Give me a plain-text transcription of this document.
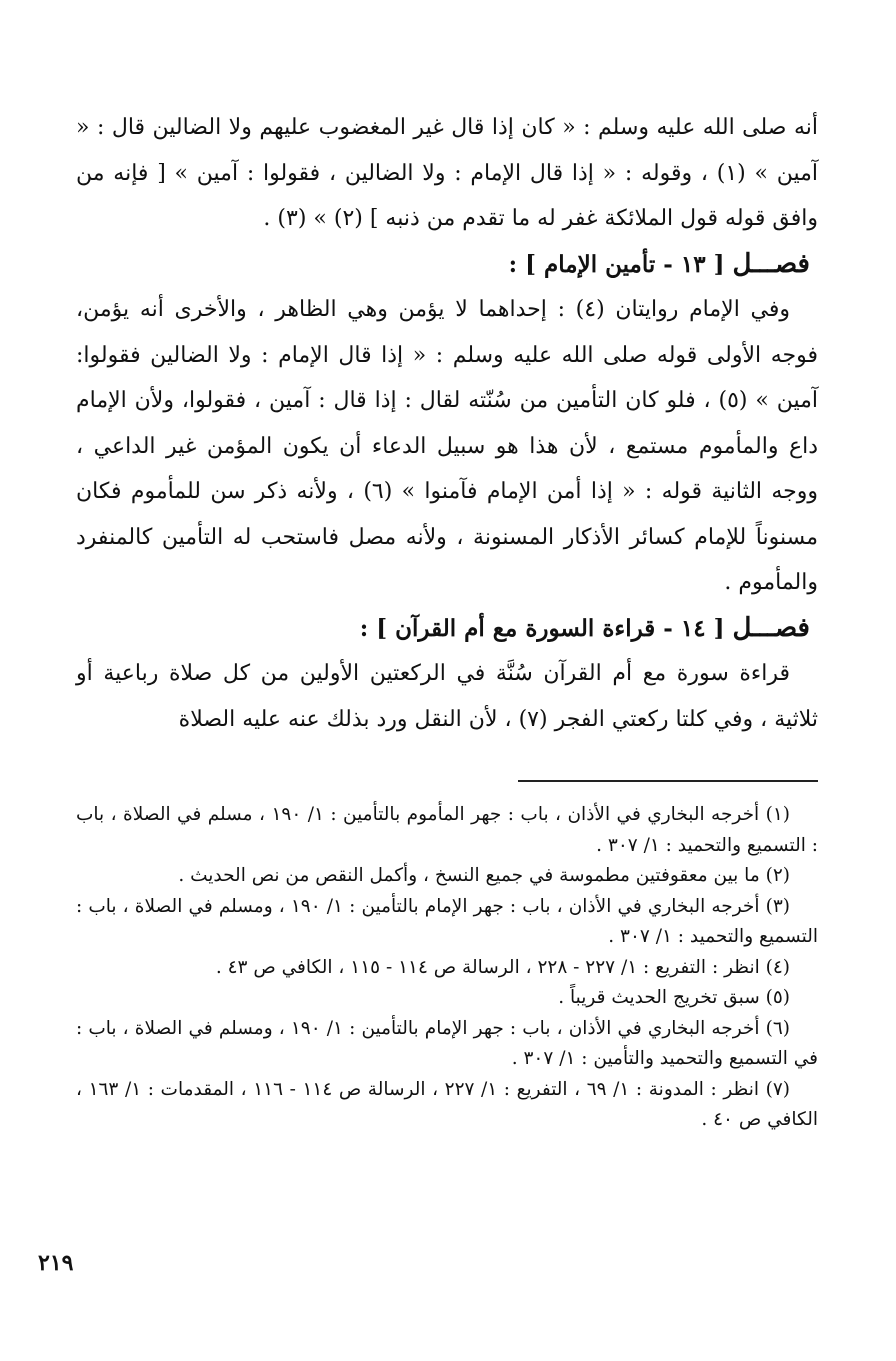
أنه صلى الله عليه وسلم : « كان إذا قال غير المغضوب عليهم ولا الضالين قال : « آمين » (١) ، وقوله : « إذا قال الإمام : ولا الضالين ، فقولوا : آمين » [ فإنه من وافق قوله قول الملائكة غفر له ما تقدم من ذنبه ] (٢) » (٣) .

فصـــل [ ١٣ - تأمين الإمام ] :

وفي الإمام روايتان (٤) : إحداهما لا يؤمن وهي الظاهر ، والأخرى أنه يؤمن، فوجه الأولى قوله صلى الله عليه وسلم : « إذا قال الإمام : ولا الضالين فقولوا: آمين » (٥) ، فلو كان التأمين من سُنّته لقال : إذا قال : آمين ، فقولوا، ولأن الإمام داع والمأموم مستمع ، لأن هذا هو سبيل الدعاء أن يكون المؤمن غير الداعي ، ووجه الثانية قوله : « إذا أمن الإمام فآمنوا » (٦) ، ولأنه ذكر سن للمأموم فكان مسنوناً للإمام كسائر الأذكار المسنونة ، ولأنه مصل فاستحب له التأمين كالمنفرد والمأموم .

فصـــل [ ١٤ - قراءة السورة مع أم القرآن ] :

قراءة سورة مع أم القرآن سُنَّة في الركعتين الأولين من كل صلاة رباعية أو ثلاثية ، وفي كلتا ركعتي الفجر (٧) ، لأن النقل ورد بذلك عنه عليه الصلاة

(١) أخرجه البخاري في الأذان ، باب : جهر المأموم بالتأمين : ١/ ١٩٠ ، مسلم في الصلاة ، باب : التسميع والتحميد : ١/ ٣٠٧ .

(٢) ما بين معقوفتين مطموسة في جميع النسخ ، وأكمل النقص من نص الحديث .

(٣) أخرجه البخاري في الأذان ، باب : جهر الإمام بالتأمين : ١/ ١٩٠ ، ومسلم في الصلاة ، باب : التسميع والتحميد : ١/ ٣٠٧ .

(٤) انظر : التفريع : ١/ ٢٢٧ - ٢٢٨ ، الرسالة ص ١١٤ - ١١٥ ، الكافي ص ٤٣ .

(٥) سبق تخريج الحديث قريباً .

(٦) أخرجه البخاري في الأذان ، باب : جهر الإمام بالتأمين : ١/ ١٩٠ ، ومسلم في الصلاة ، باب : في التسميع والتحميد والتأمين : ١/ ٣٠٧ .

(٧) انظر : المدونة : ١/ ٦٩ ، التفريع : ١/ ٢٢٧ ، الرسالة ص ١١٤ - ١١٦ ، المقدمات : ١/ ١٦٣ ، الكافي ص ٤٠ .

٢١٩
